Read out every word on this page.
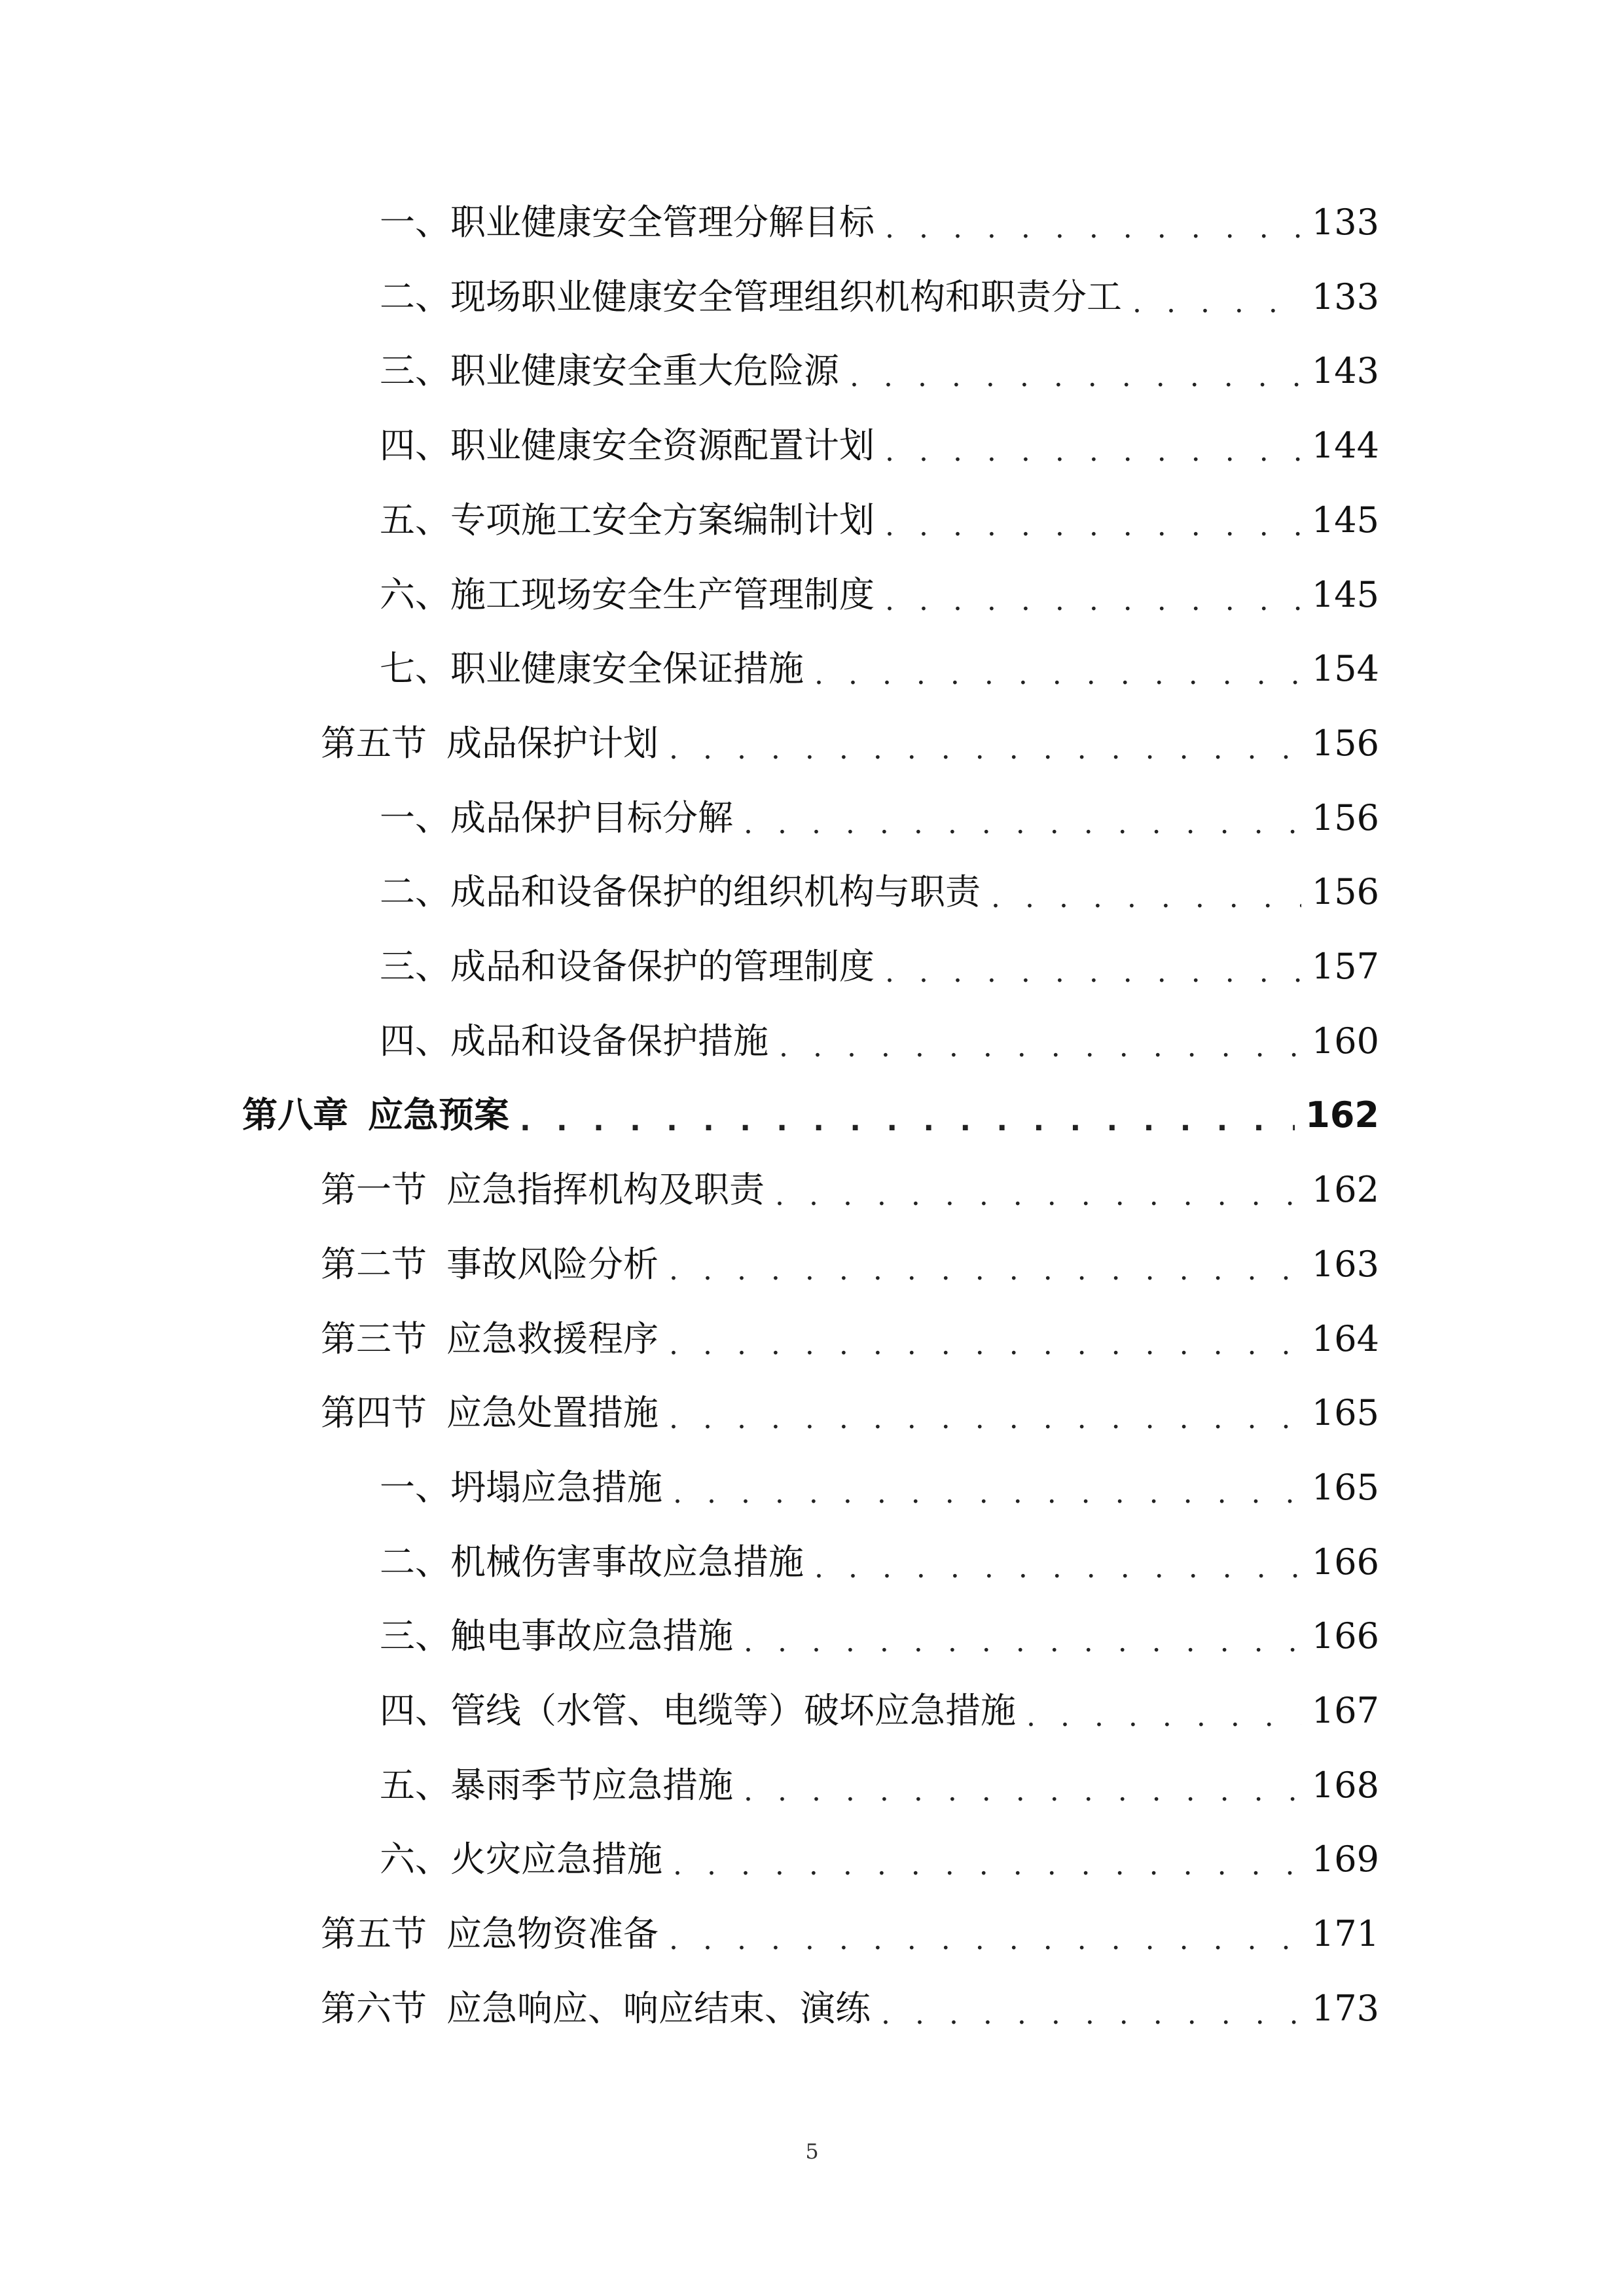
一、职业健康安全管理分解目标 . . .	133
二、现场职业健康安全管理组织机构和职责分工 . . .	133
三、职业健康安全重大危险源 . . .	143
四、职业健康安全资源配置计划 . . .	144
五、专项施工安全方案编制计划 . . .	145
六、施工现场安全生产管理制度 . . .	145
七、职业健康安全保证措施 . . .	154
第五节 成品保护计划 . . .	156
一、成品保护目标分解 . . .	156
二、成品和设备保护的组织机构与职责 . . .	156
三、成品和设备保护的管理制度 . . .	157
四、成品和设备保护措施 . . .	160
第八章 应急预案 . . .	162
第一节 应急指挥机构及职责 . . .	162
第二节 事故风险分析 . . .	163
第三节 应急救援程序 . . .	164
第四节 应急处置措施 . . .	165
一、坍塌应急措施 . . .	165
二、机械伤害事故应急措施 . . .	166
三、触电事故应急措施 . . .	166
四、管线（水管、电缆等）破坏应急措施 . . .	167
五、暴雨季节应急措施 . . .	168
六、火灾应急措施 . . .	169
第五节 应急物资准备 . . .	171
第六节 应急响应、响应结束、演练 . . .	173
5
